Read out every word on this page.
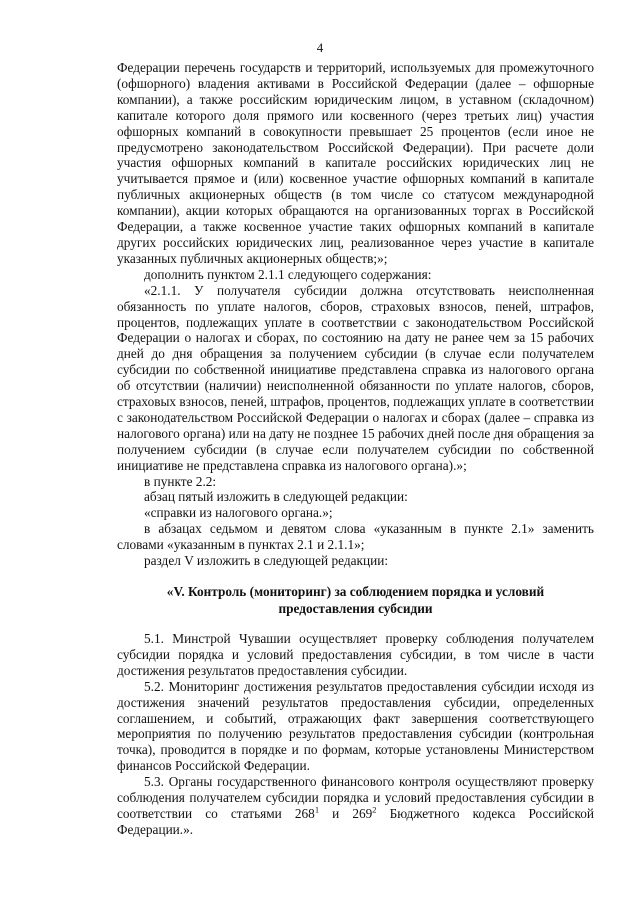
4

Федерации перечень государств и территорий, используемых для промежуточного (офшорного) владения активами в Российской Федерации (далее – офшорные компании), а также российским юридическим лицом, в уставном (складочном) капитале которого доля прямого или косвенного (через третьих лиц) участия офшорных компаний в совокупности превышает 25 процентов (если иное не предусмотрено законодательством Российской Федерации). При расчете доли участия офшорных компаний в капитале российских юридических лиц не учитывается прямое и (или) косвенное участие офшорных компаний в капитале публичных акционерных обществ (в том числе со статусом международной компании), акции которых обращаются на организованных торгах в Российской Федерации, а также косвенное участие таких офшорных компаний в капитале других российских юридических лиц, реализованное через участие в капитале указанных публичных акционерных обществ;»;

дополнить пунктом 2.1.1 следующего содержания:

«2.1.1. У получателя субсидии должна отсутствовать неисполненная обязанность по уплате налогов, сборов, страховых взносов, пеней, штрафов, процентов, подлежащих уплате в соответствии с законодательством Российской Федерации о налогах и сборах, по состоянию на дату не ранее чем за 15 рабочих дней до дня обращения за получением субсидии (в случае если получателем субсидии по собственной инициативе представлена справка из налогового органа об отсутствии (наличии) неисполненной обязанности по уплате налогов, сборов, страховых взносов, пеней, штрафов, процентов, подлежащих уплате в соответствии с законодательством Российской Федерации о налогах и сборах (далее – справка из налогового органа) или на дату не позднее 15 рабочих дней после дня обращения за получением субсидии (в случае если получателем субсидии по собственной инициативе не представлена справка из налогового органа).»;

в пункте 2.2:

абзац пятый изложить в следующей редакции:

«справки из налогового органа.»;

в абзацах седьмом и девятом слова «указанным в пункте 2.1» заменить словами «указанным в пунктах 2.1 и 2.1.1»;

раздел V изложить в следующей редакции:

«V. Контроль (мониторинг) за соблюдением порядка и условий
предоставления субсидии

5.1. Минстрой Чувашии осуществляет проверку соблюдения получателем субсидии порядка и условий предоставления субсидии, в том числе в части достижения результатов предоставления субсидии.

5.2. Мониторинг достижения результатов предоставления субсидии исходя из достижения значений результатов предоставления субсидии, определенных соглашением, и событий, отражающих факт завершения соответствующего мероприятия по получению результатов предоставления субсидии (контрольная точка), проводится в порядке и по формам, которые установлены Министерством финансов Российской Федерации.

5.3. Органы государственного финансового контроля осуществляют проверку соблюдения получателем субсидии порядка и условий предоставления субсидии в соответствии со статьями $268^1$ и $269^2$ Бюджетного кодекса Российской Федерации.».
